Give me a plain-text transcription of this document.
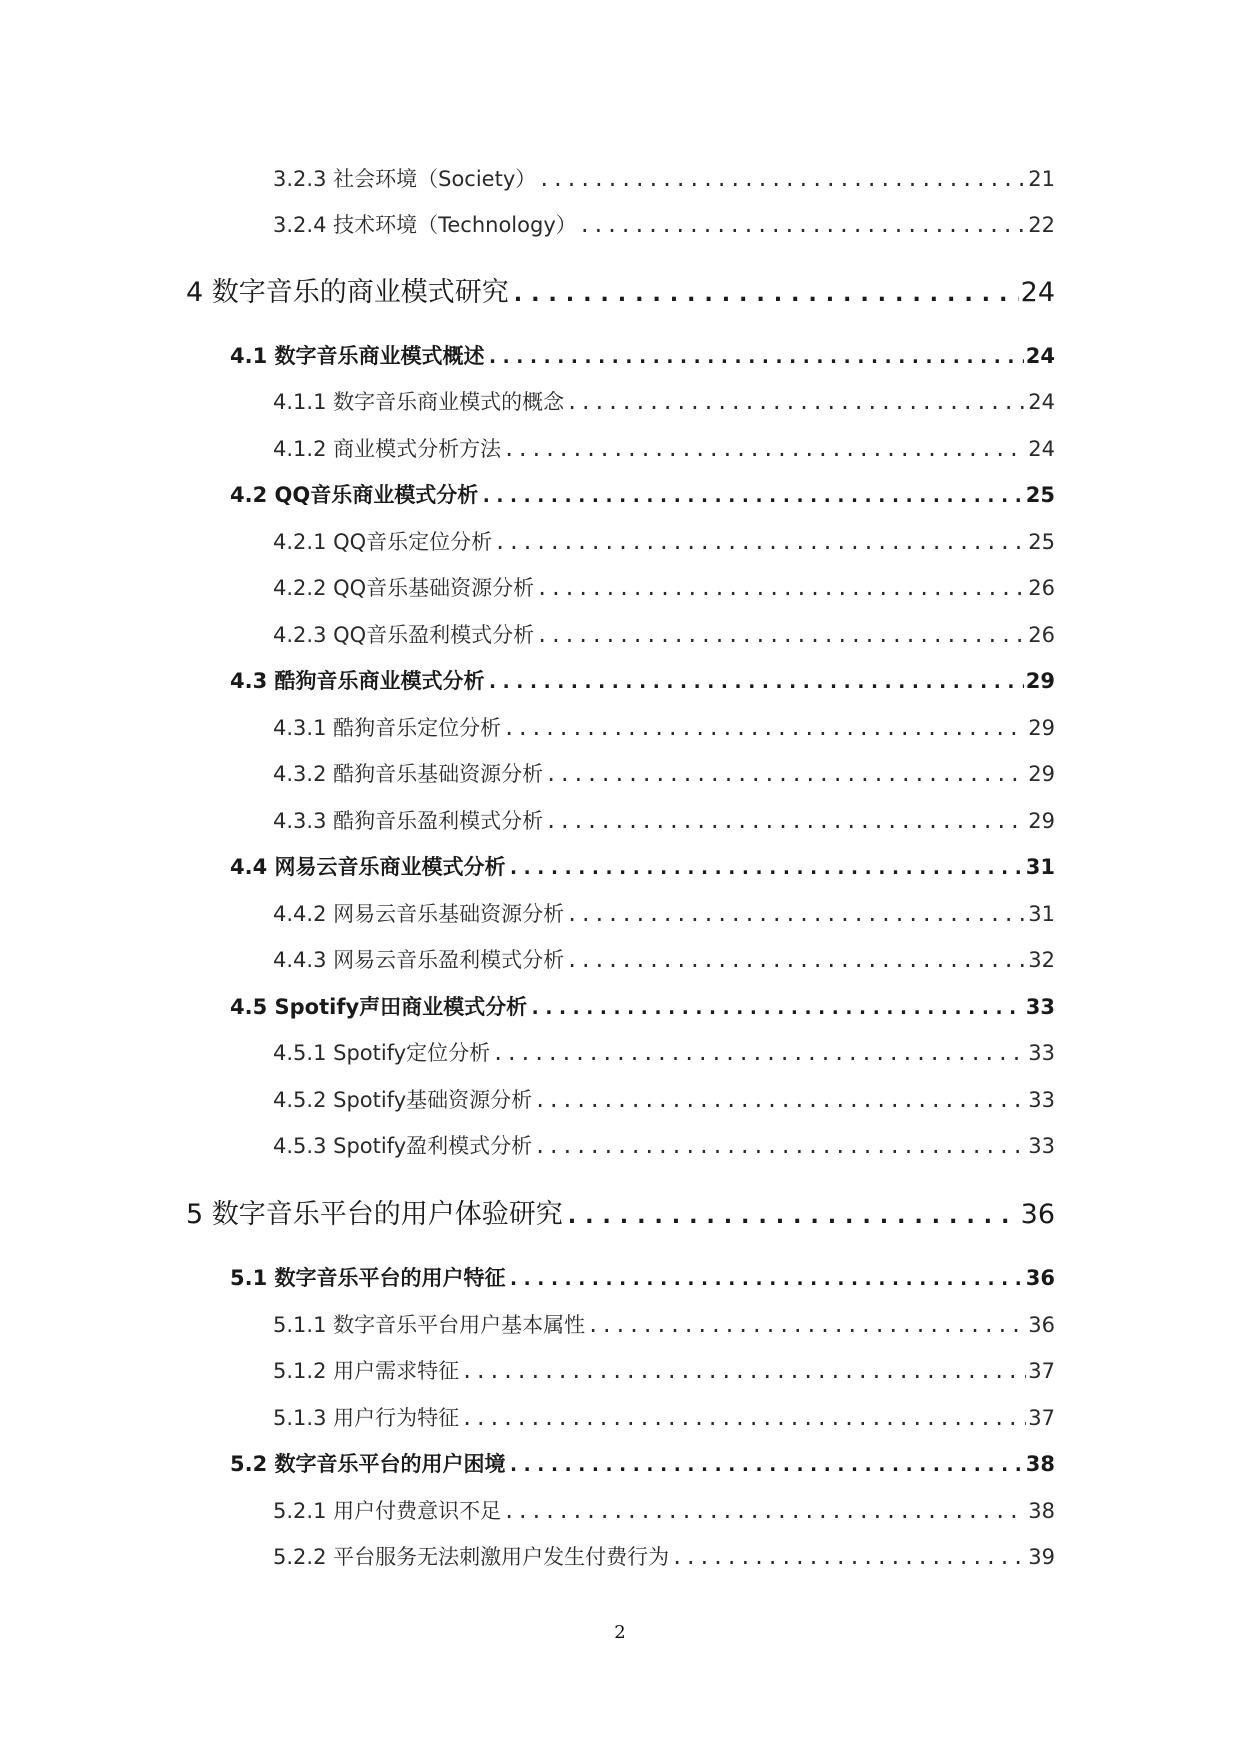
3.2.3 社会环境（Society） .....	21
3.2.4 技术环境（Technology） .....	22
4 数字音乐的商业模式研究 .....	24
4.1 数字音乐商业模式概述 .....	24
4.1.1 数字音乐商业模式的概念 .....	24
4.1.2 商业模式分析方法 .....	24
4.2 QQ音乐商业模式分析 .....	25
4.2.1 QQ音乐定位分析 .....	25
4.2.2 QQ音乐基础资源分析 .....	26
4.2.3 QQ音乐盈利模式分析 .....	26
4.3 酷狗音乐商业模式分析 .....	29
4.3.1 酷狗音乐定位分析 .....	29
4.3.2 酷狗音乐基础资源分析 .....	29
4.3.3 酷狗音乐盈利模式分析 .....	29
4.4 网易云音乐商业模式分析 .....	31
4.4.2 网易云音乐基础资源分析 .....	31
4.4.3 网易云音乐盈利模式分析 .....	32
4.5 Spotify声田商业模式分析 .....	33
4.5.1 Spotify定位分析 .....	33
4.5.2 Spotify基础资源分析 .....	33
4.5.3 Spotify盈利模式分析 .....	33
5 数字音乐平台的用户体验研究 .....	36
5.1 数字音乐平台的用户特征 .....	36
5.1.1 数字音乐平台用户基本属性 .....	36
5.1.2 用户需求特征 .....	37
5.1.3 用户行为特征 .....	37
5.2 数字音乐平台的用户困境 .....	38
5.2.1 用户付费意识不足 .....	38
5.2.2 平台服务无法刺激用户发生付费行为 .....	39
2
